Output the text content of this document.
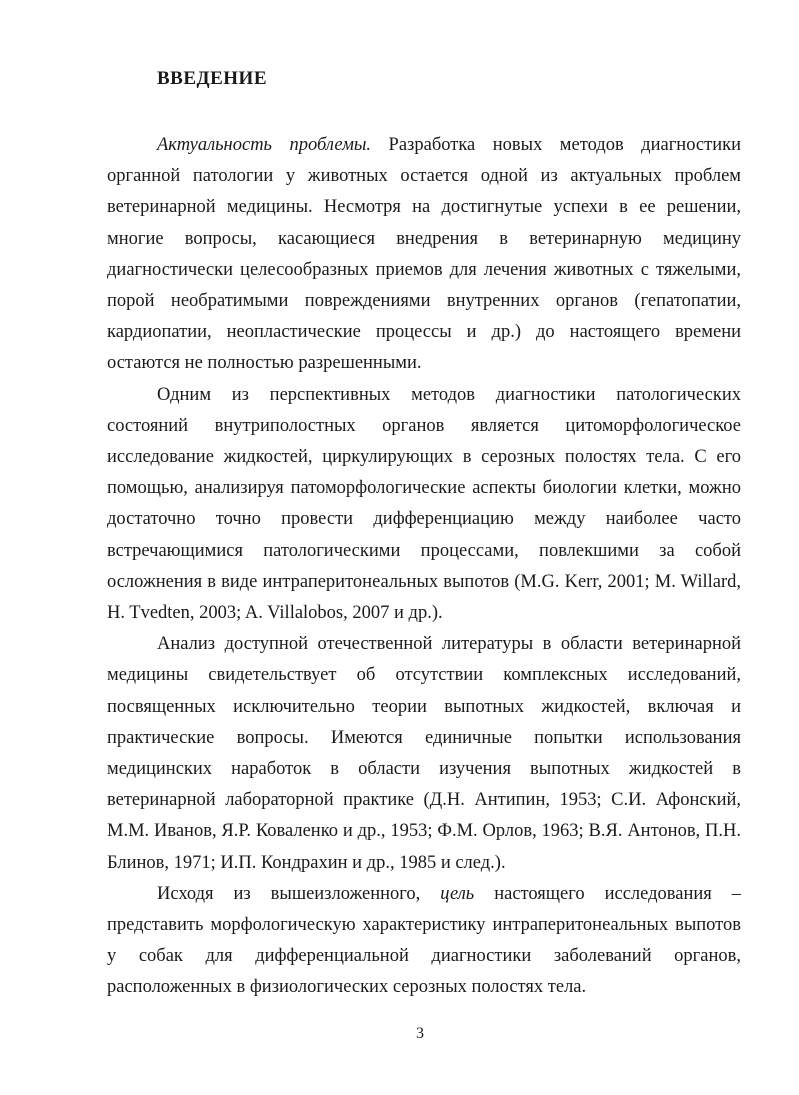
ВВЕДЕНИЕ

Актуальность проблемы. Разработка новых методов диагностики органной патологии у животных остается одной из актуальных проблем ветеринарной медицины. Несмотря на достигнутые успехи в ее решении, многие вопросы, касающиеся внедрения в ветеринарную медицину диагностически целесообразных приемов для лечения животных с тяжелыми, порой необратимыми повреждениями внутренних органов (гепатопатии, кардиопатии, неопластические процессы и др.) до настоящего времени остаются не полностью разрешенными.

Одним из перспективных методов диагностики патологических состояний внутриполостных органов является цитоморфологическое исследование жидкостей, циркулирующих в серозных полостях тела. С его помощью, анализируя патоморфологические аспекты биологии клетки, можно достаточно точно провести дифференциацию между наиболее часто встречающимися патологическими процессами, повлекшими за собой осложнения в виде интраперитонеальных выпотов (M.G. Kerr, 2001; M. Willard, H. Tvedten, 2003; A. Villalobos, 2007 и др.).

Анализ доступной отечественной литературы в области ветеринарной медицины свидетельствует об отсутствии комплексных исследований, посвященных исключительно теории выпотных жидкостей, включая и практические вопросы. Имеются единичные попытки использования медицинских наработок в области изучения выпотных жидкостей в ветеринарной лабораторной практике (Д.Н. Антипин, 1953; С.И. Афонский, М.М. Иванов, Я.Р. Коваленко и др., 1953; Ф.М. Орлов, 1963; В.Я. Антонов, П.Н. Блинов, 1971; И.П. Кондрахин и др., 1985 и след.).

Исходя из вышеизложенного, цель настоящего исследования – представить морфологическую характеристику интраперитонеальных выпотов у собак для дифференциальной диагностики заболеваний органов, расположенных в физиологических серозных полостях тела.

3
